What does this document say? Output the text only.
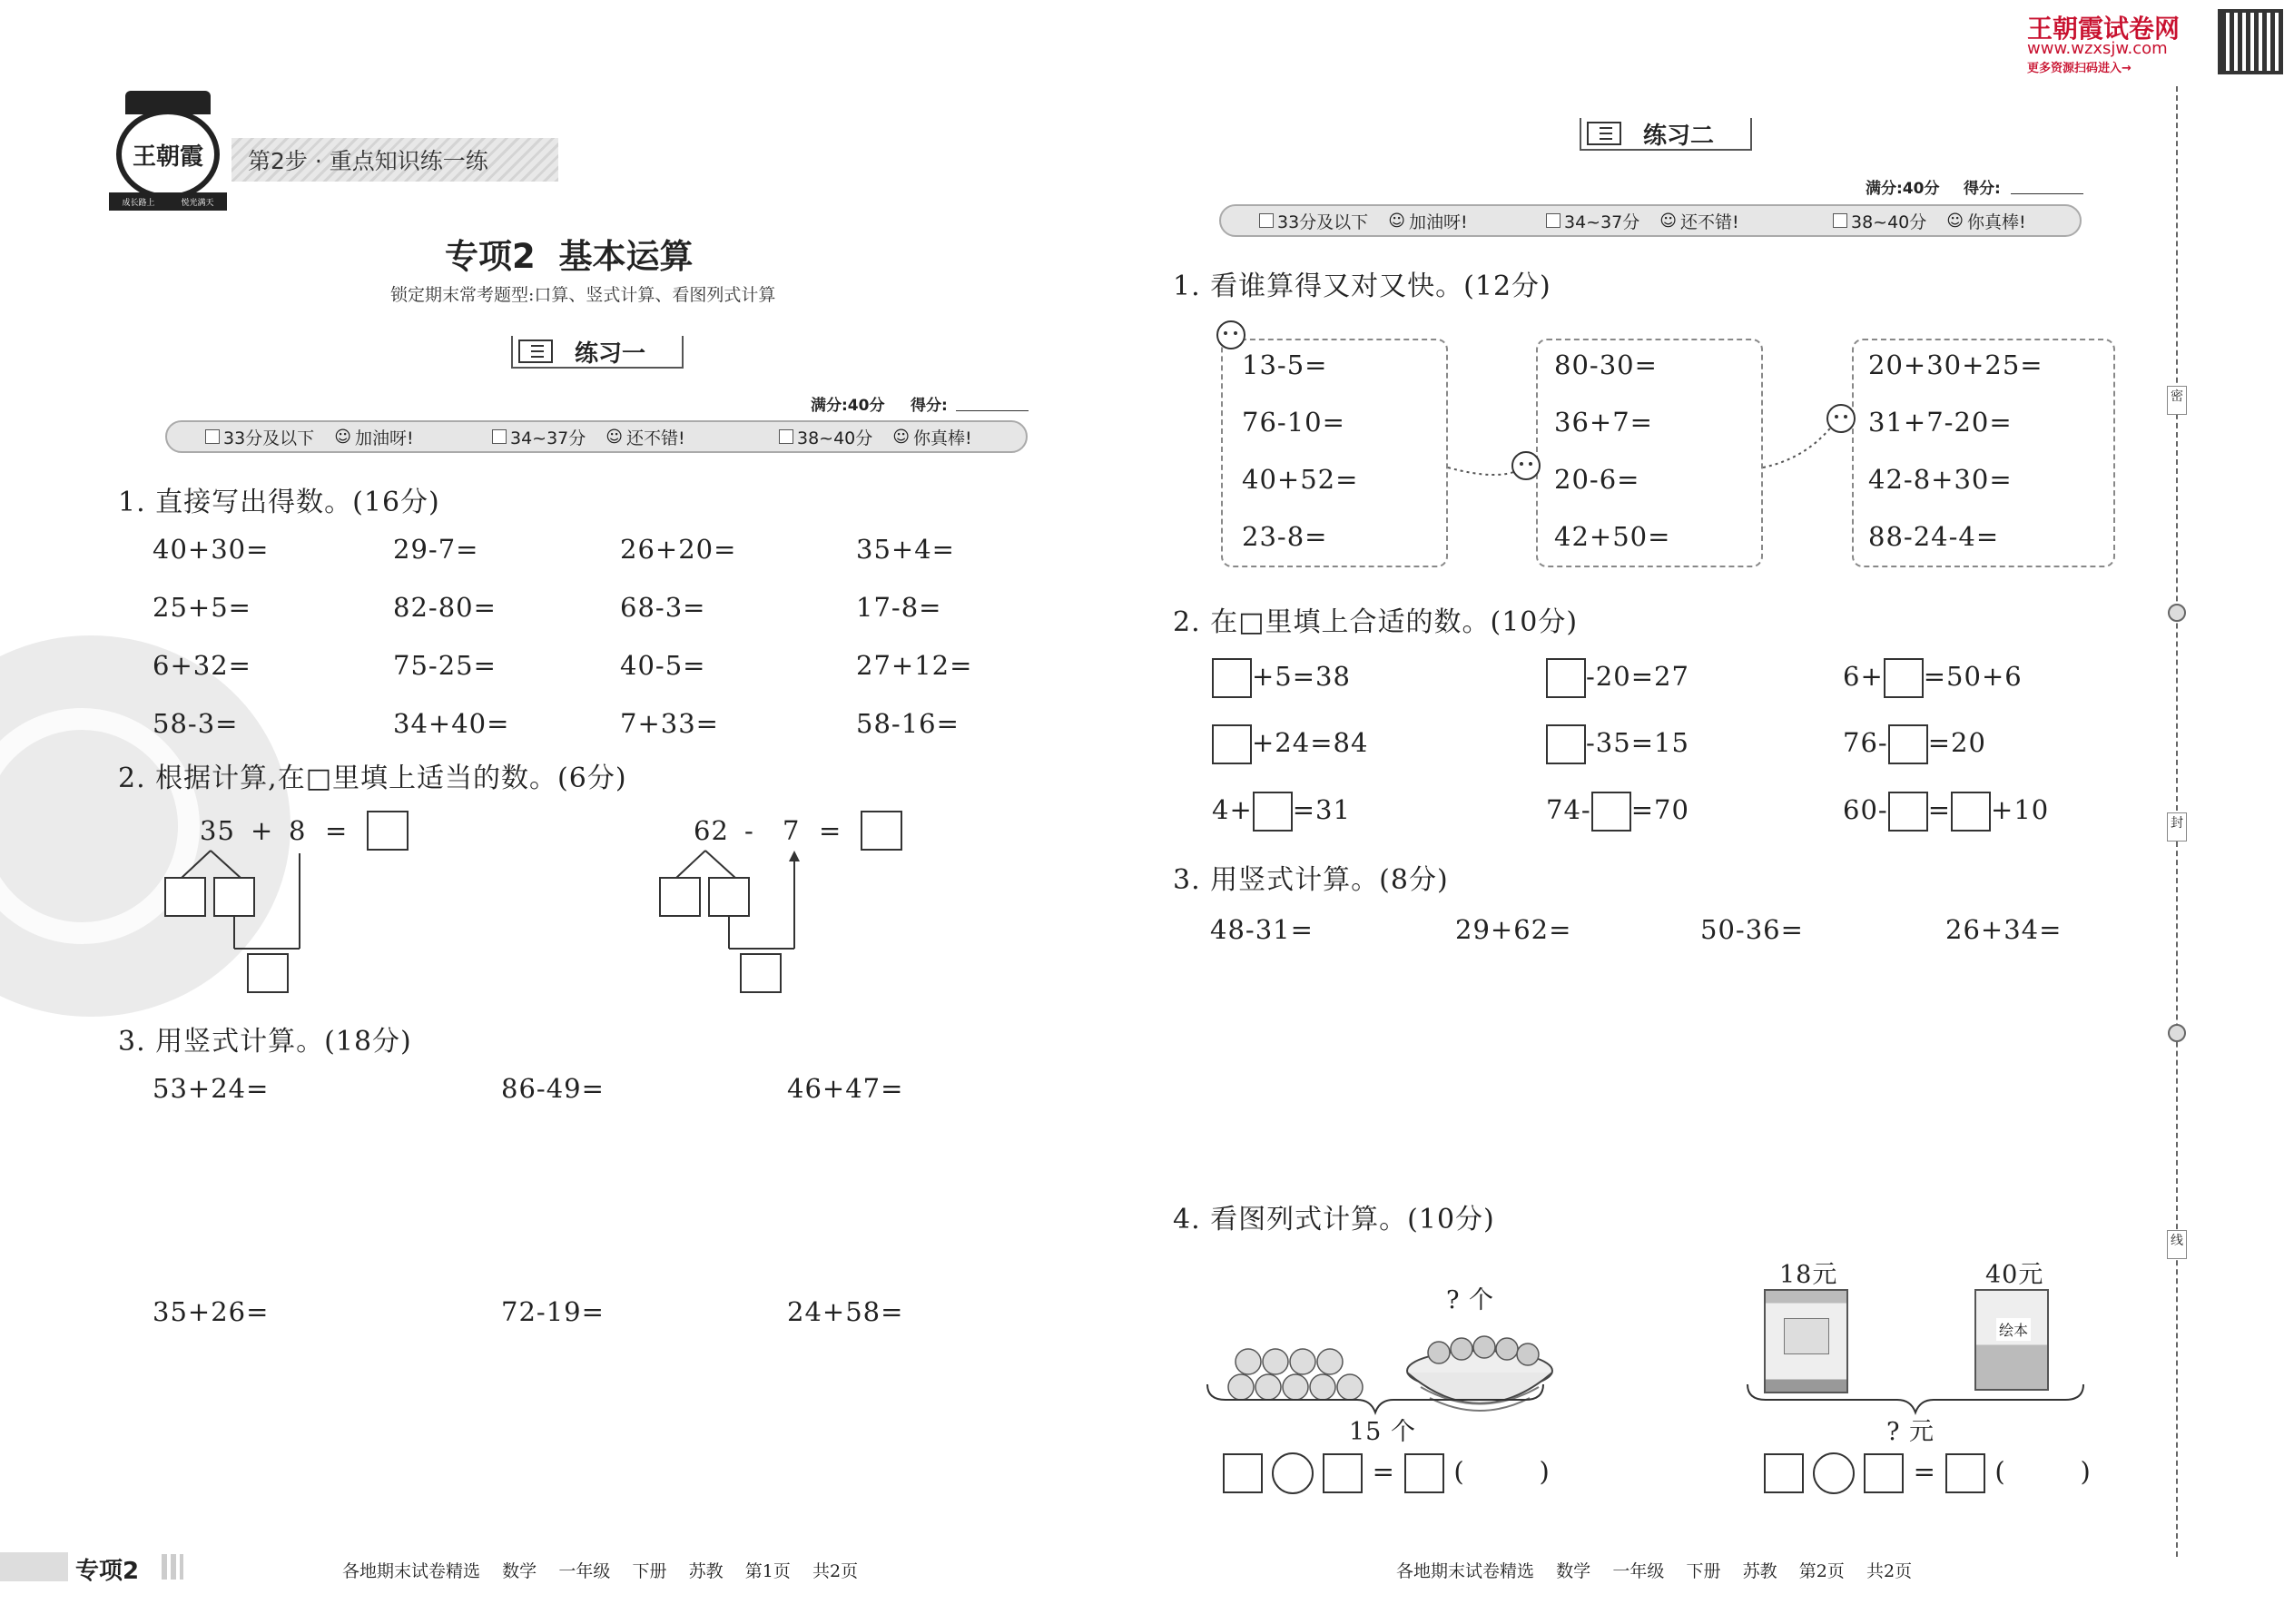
王朝霞
成长路上	悦光满天
第2步 · 重点知识练一练
专项2  基本运算
锁定期末常考题型:口算、竖式计算、看图列式计算
练习一
满分:40分 得分:
33分及以下 ☺ 加油呀!	34~37分 ☺ 还不错!	38~40分 ☺ 你真棒!
1. 直接写出得数。(16分)
40+30=	29-7=	26+20=	35+4=
25+5=	82-80=	68-3=	17-8=
6+32=	75-25=	40-5=	27+12=
58-3=	34+40=	7+33=	58-16=
2. 根据计算,在□里填上适当的数。(6分)
35 + 8 =	62 - 7 =
3. 用竖式计算。(18分)
53+24=	86-49=	46+47=
35+26=	72-19=	24+58=
专项2	各地期末试卷精选    数学    一年级    下册    苏教    第1页    共2页
王朝霞试卷网
www.wzxsjw.com
更多资源扫码进入→
练习二
满分:40分 得分:
33分及以下 ☺ 加油呀!	34~37分 ☺ 还不错!	38~40分 ☺ 你真棒!
1. 看谁算得又对又快。(12分)
13-5=
76-10=
40+52=
23-8=
80-30=
36+7=
20-6=
42+50=
20+30+25=
31+7-20=
42-8+30=
88-24-4=
2. 在□里填上合适的数。(10分)
+5=38	-20=27	6+ =50+6
+24=84	-35=15	76- =20
4+ =31	74- =70	60- = +10
3. 用竖式计算。(8分)
48-31=	29+62=	50-36=	26+34=
4. 看图列式计算。(10分)
? 个
15 个
= (        )
18元	40元
绘本
? 元
= (        )
密
封
线
各地期末试卷精选    数学    一年级    下册    苏教    第2页    共2页
